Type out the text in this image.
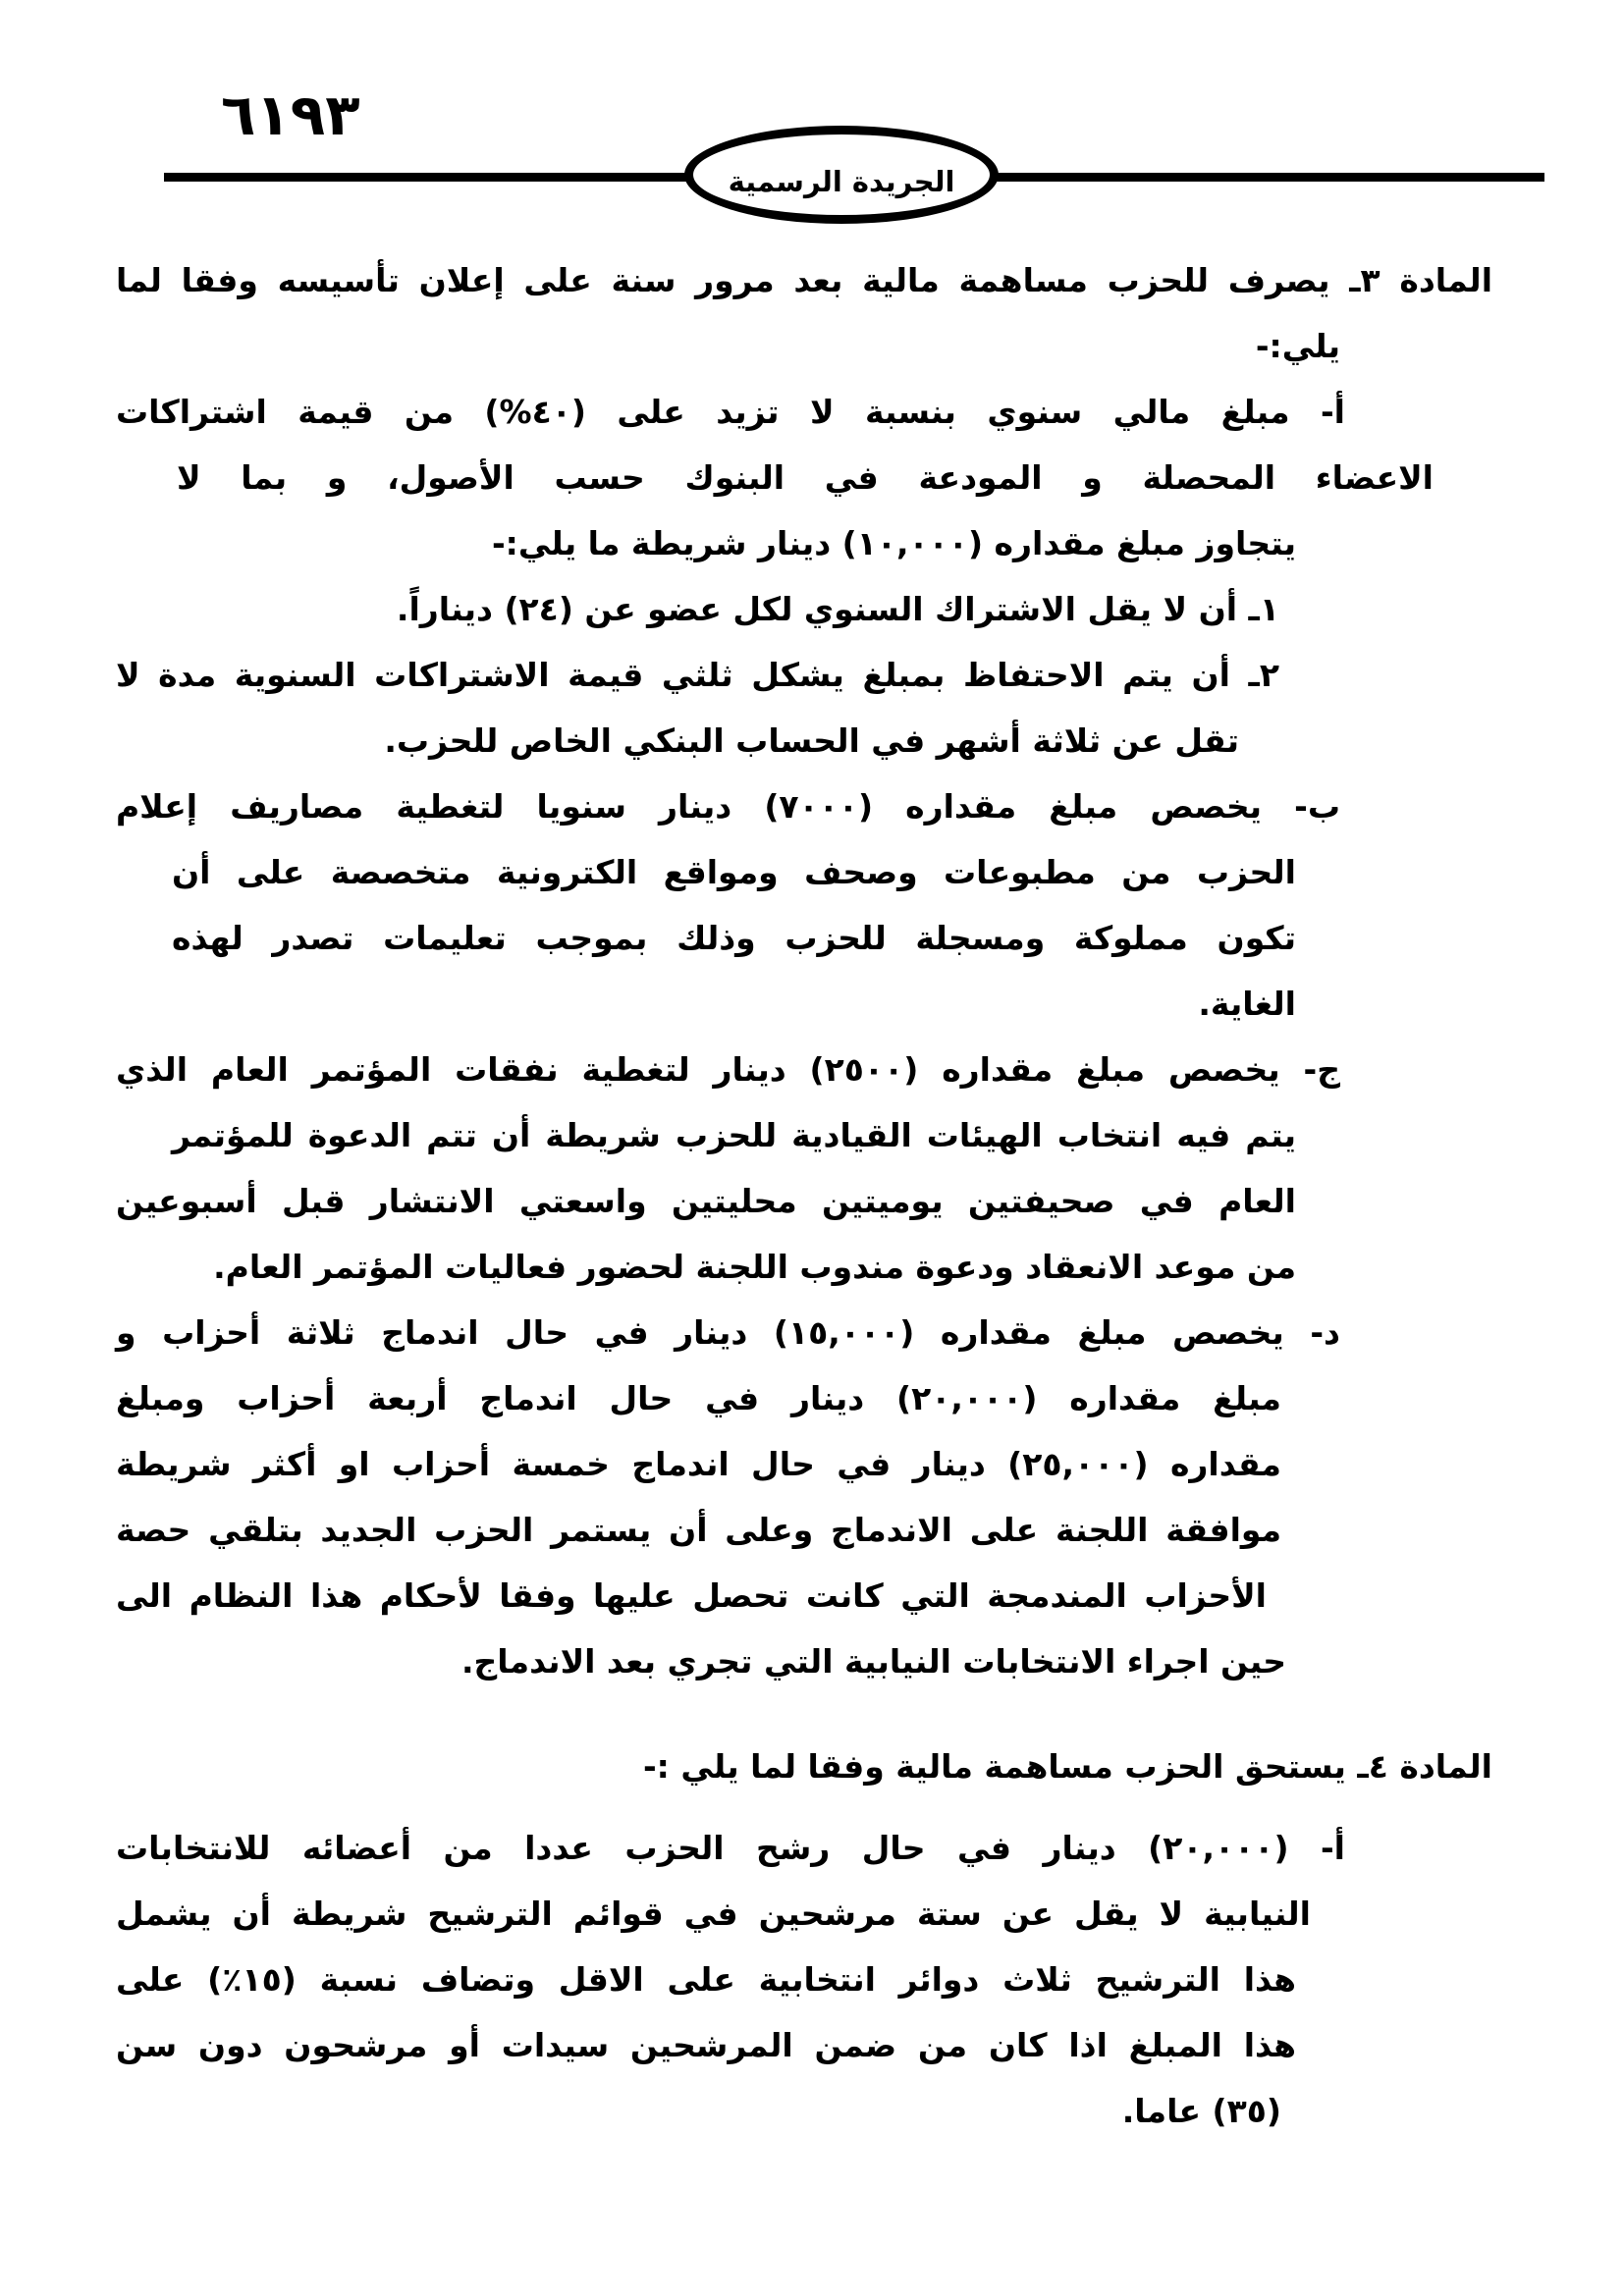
٦١٩٣
الجريدة الرسمية
المادة ٣ـ يصرف للحزب مساهمة مالية بعد مرور سنة على إعلان تأسيسه وفقا لما
يلي:-
أ- مبلغ مالي سنوي بنسبة لا تزيد على (٤٠%) من قيمة اشتراكات
الاعضاء المحصلة و المودعة في البنوك حسب الأصول، و بما لا
يتجاوز مبلغ مقداره (١٠,٠٠٠) دينار شريطة ما يلي:-
١ـ أن لا يقل الاشتراك السنوي لكل عضو عن (٢٤) ديناراً.
٢ـ أن يتم الاحتفاظ بمبلغ يشكل ثلثي قيمة الاشتراكات السنوية مدة لا
تقل عن ثلاثة أشهر في الحساب البنكي الخاص للحزب.
ب- يخصص مبلغ مقداره (٧٠٠٠) دينار سنويا لتغطية مصاريف إعلام
الحزب من مطبوعات وصحف ومواقع الكترونية متخصصة على أن
تكون مملوكة ومسجلة للحزب وذلك بموجب تعليمات تصدر لهذه
الغاية.
ج- يخصص مبلغ مقداره (٢٥٠٠) دينار لتغطية نفقات المؤتمر العام الذي
يتم فيه انتخاب الهيئات القيادية للحزب شريطة أن تتم الدعوة للمؤتمر
العام في صحيفتين يوميتين محليتين واسعتي الانتشار قبل أسبوعين
من موعد الانعقاد ودعوة مندوب اللجنة لحضور فعاليات المؤتمر العام.
د- يخصص مبلغ مقداره (١٥,٠٠٠) دينار في حال اندماج ثلاثة أحزاب و
مبلغ مقداره (٢٠,٠٠٠) دينار في حال اندماج أربعة أحزاب ومبلغ
مقداره (٢٥,٠٠٠) دينار في حال اندماج خمسة أحزاب او أكثر شريطة
موافقة اللجنة على الاندماج وعلى أن يستمر الحزب الجديد بتلقي حصة
الأحزاب المندمجة التي كانت تحصل عليها وفقا لأحكام هذا النظام الى
حين اجراء الانتخابات النيابية التي تجري بعد الاندماج.
المادة ٤ـ يستحق الحزب مساهمة مالية وفقا لما يلي :-
أ- (٢٠,٠٠٠) دينار في حال رشح الحزب عددا من أعضائه للانتخابات
النيابية لا يقل عن ستة مرشحين في قوائم الترشيح شريطة أن يشمل
هذا الترشيح ثلاث دوائر انتخابية على الاقل وتضاف نسبة (١٥٪) على
هذا المبلغ اذا كان من ضمن المرشحين سيدات أو مرشحون دون سن
(٣٥) عاما.
